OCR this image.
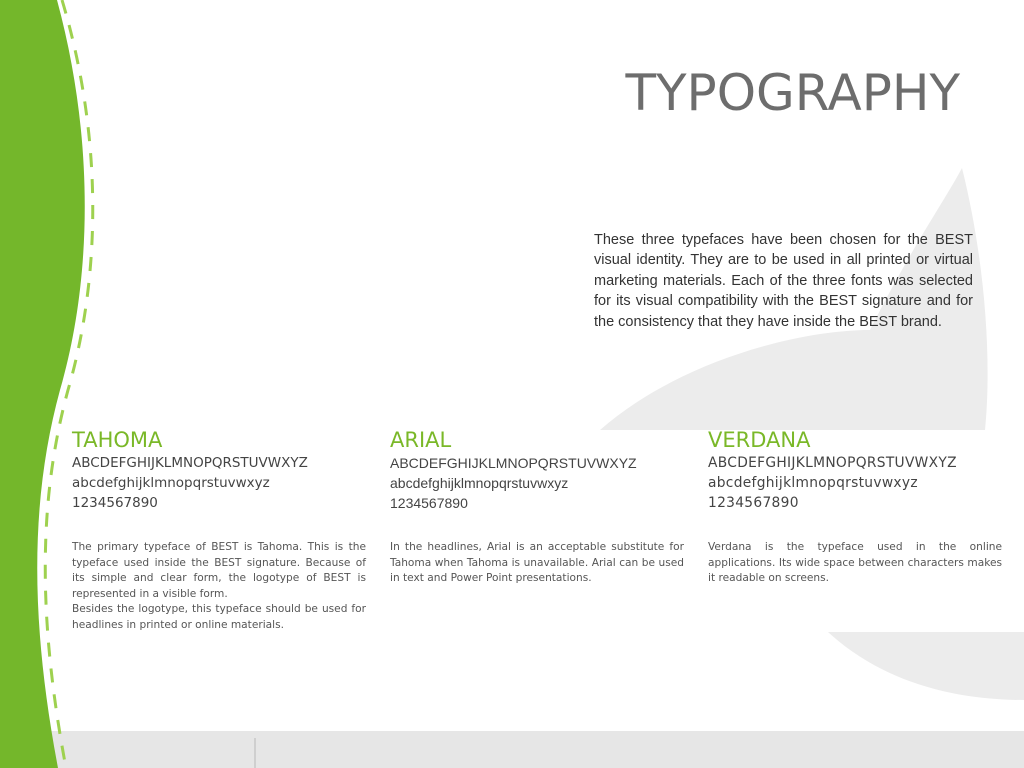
TYPOGRAPHY

These three typefaces have been chosen for the BEST visual identity. They are to be used in all printed or virtual marketing materials. Each of the three fonts was selected for its visual compatibility with the BEST signature and for the consistency that they have inside the BEST brand.

TAHOMA

ABCDEFGHIJKLMNOPQRSTUVWXYZ

abcdefghijklmnopqrstuvwxyz

1234567890

ARIAL

ABCDEFGHIJKLMNOPQRSTUVWXYZ

abcdefghijklmnopqrstuvwxyz

1234567890

VERDANA

ABCDEFGHIJKLMNOPQRSTUVWXYZ

abcdefghijklmnopqrstuvwxyz

1234567890

The primary typeface of BEST is Tahoma. This is the typeface used inside the BEST signature. Because of its simple and clear form, the logotype of BEST is represented in a visible form.

Besides the logotype, this typeface should be used for headlines in printed or online materials.

In the headlines, Arial is an acceptable substitute for Tahoma when Tahoma is unavailable. Arial can be used in text and Power Point presentations.

Verdana is the typeface used in the online applications. Its wide space between characters makes it readable on screens.
